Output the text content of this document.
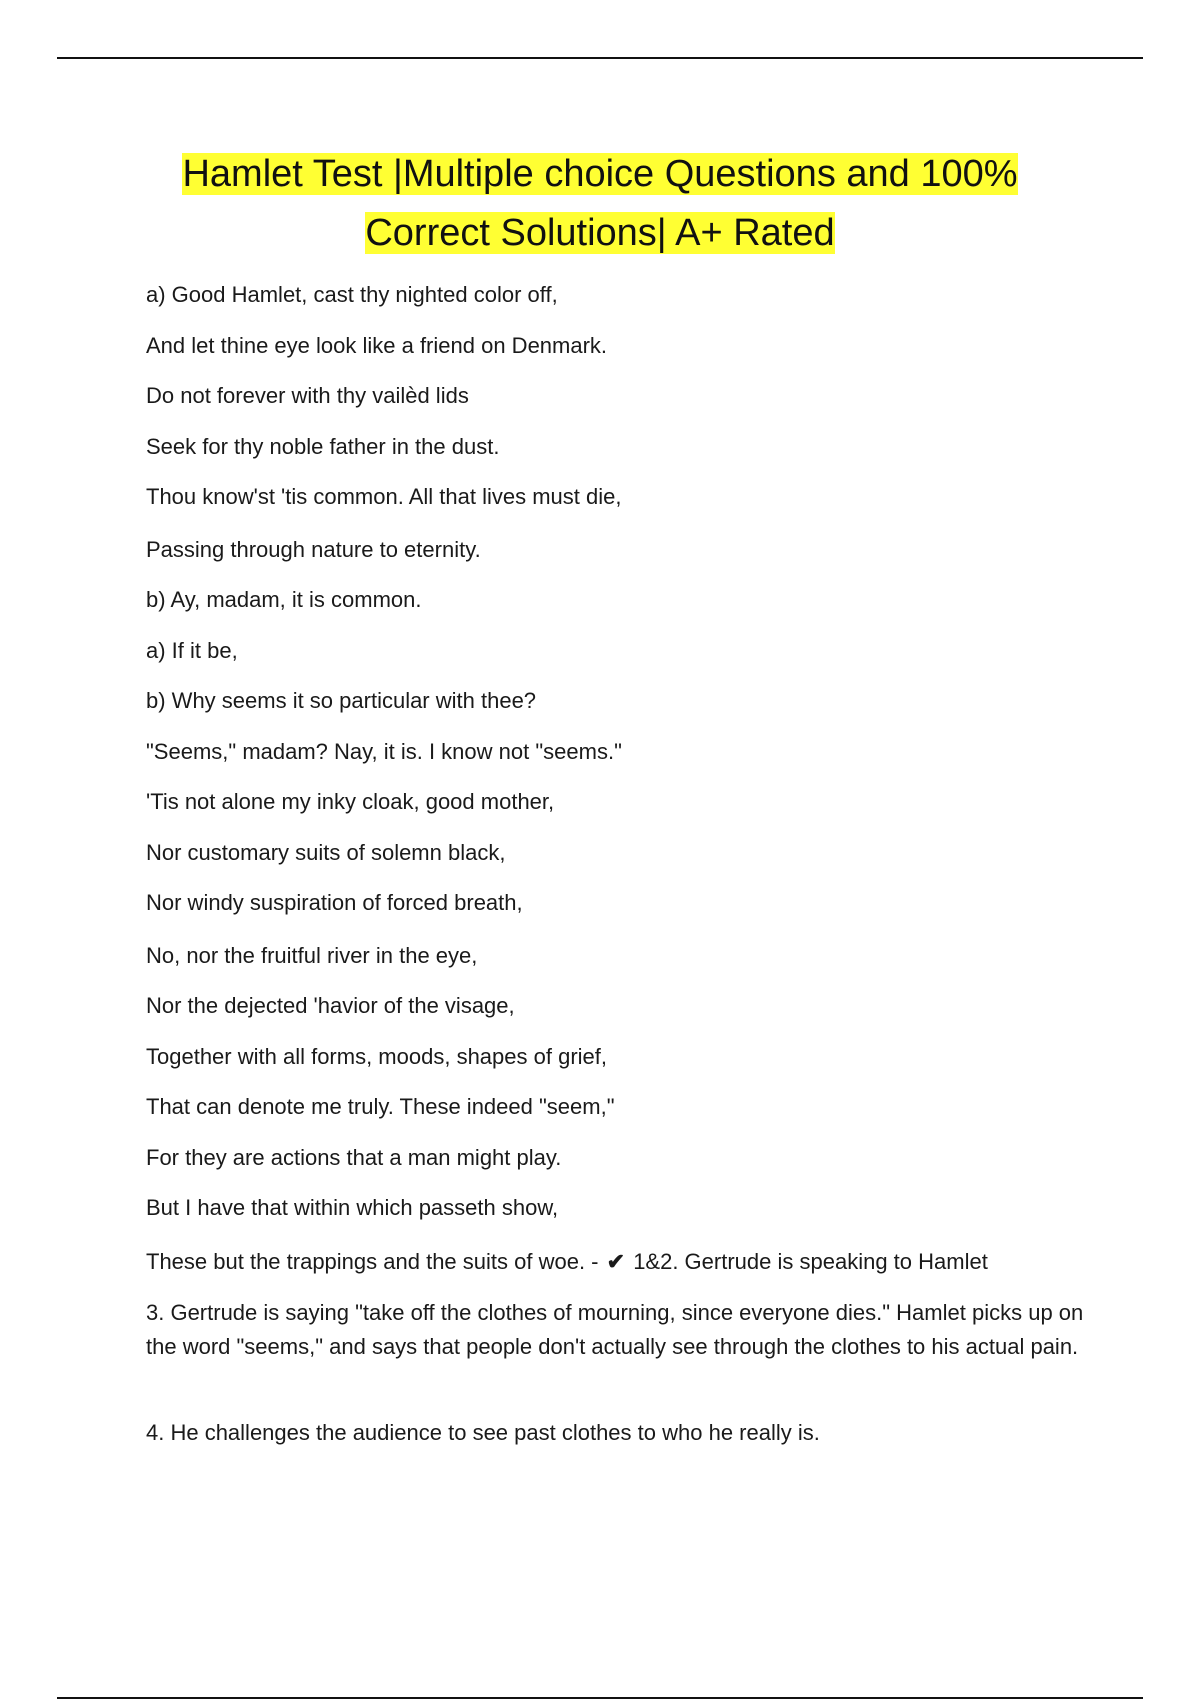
Hamlet Test |Multiple choice Questions and 100%
Correct Solutions| A+ Rated
a) Good Hamlet, cast thy nighted color off,
And let thine eye look like a friend on Denmark.
Do not forever with thy vailèd lids
Seek for thy noble father in the dust.
Thou know'st 'tis common. All that lives must die,
Passing through nature to eternity.
b) Ay, madam, it is common.
a) If it be,
b) Why seems it so particular with thee?
"Seems," madam? Nay, it is. I know not "seems."
'Tis not alone my inky cloak, good mother,
Nor customary suits of solemn black,
Nor windy suspiration of forced breath,
No, nor the fruitful river in the eye,
Nor the dejected 'havior of the visage,
Together with all forms, moods, shapes of grief,
That can denote me truly. These indeed "seem,"
For they are actions that a man might play.
But I have that within which passeth show,
These but the trappings and the suits of woe. - ✔ 1&2. Gertrude is speaking to Hamlet
3. Gertrude is saying "take off the clothes of mourning, since everyone dies." Hamlet picks up on the word "seems," and says that people don't actually see through the clothes to his actual pain.
4. He challenges the audience to see past clothes to who he really is.
